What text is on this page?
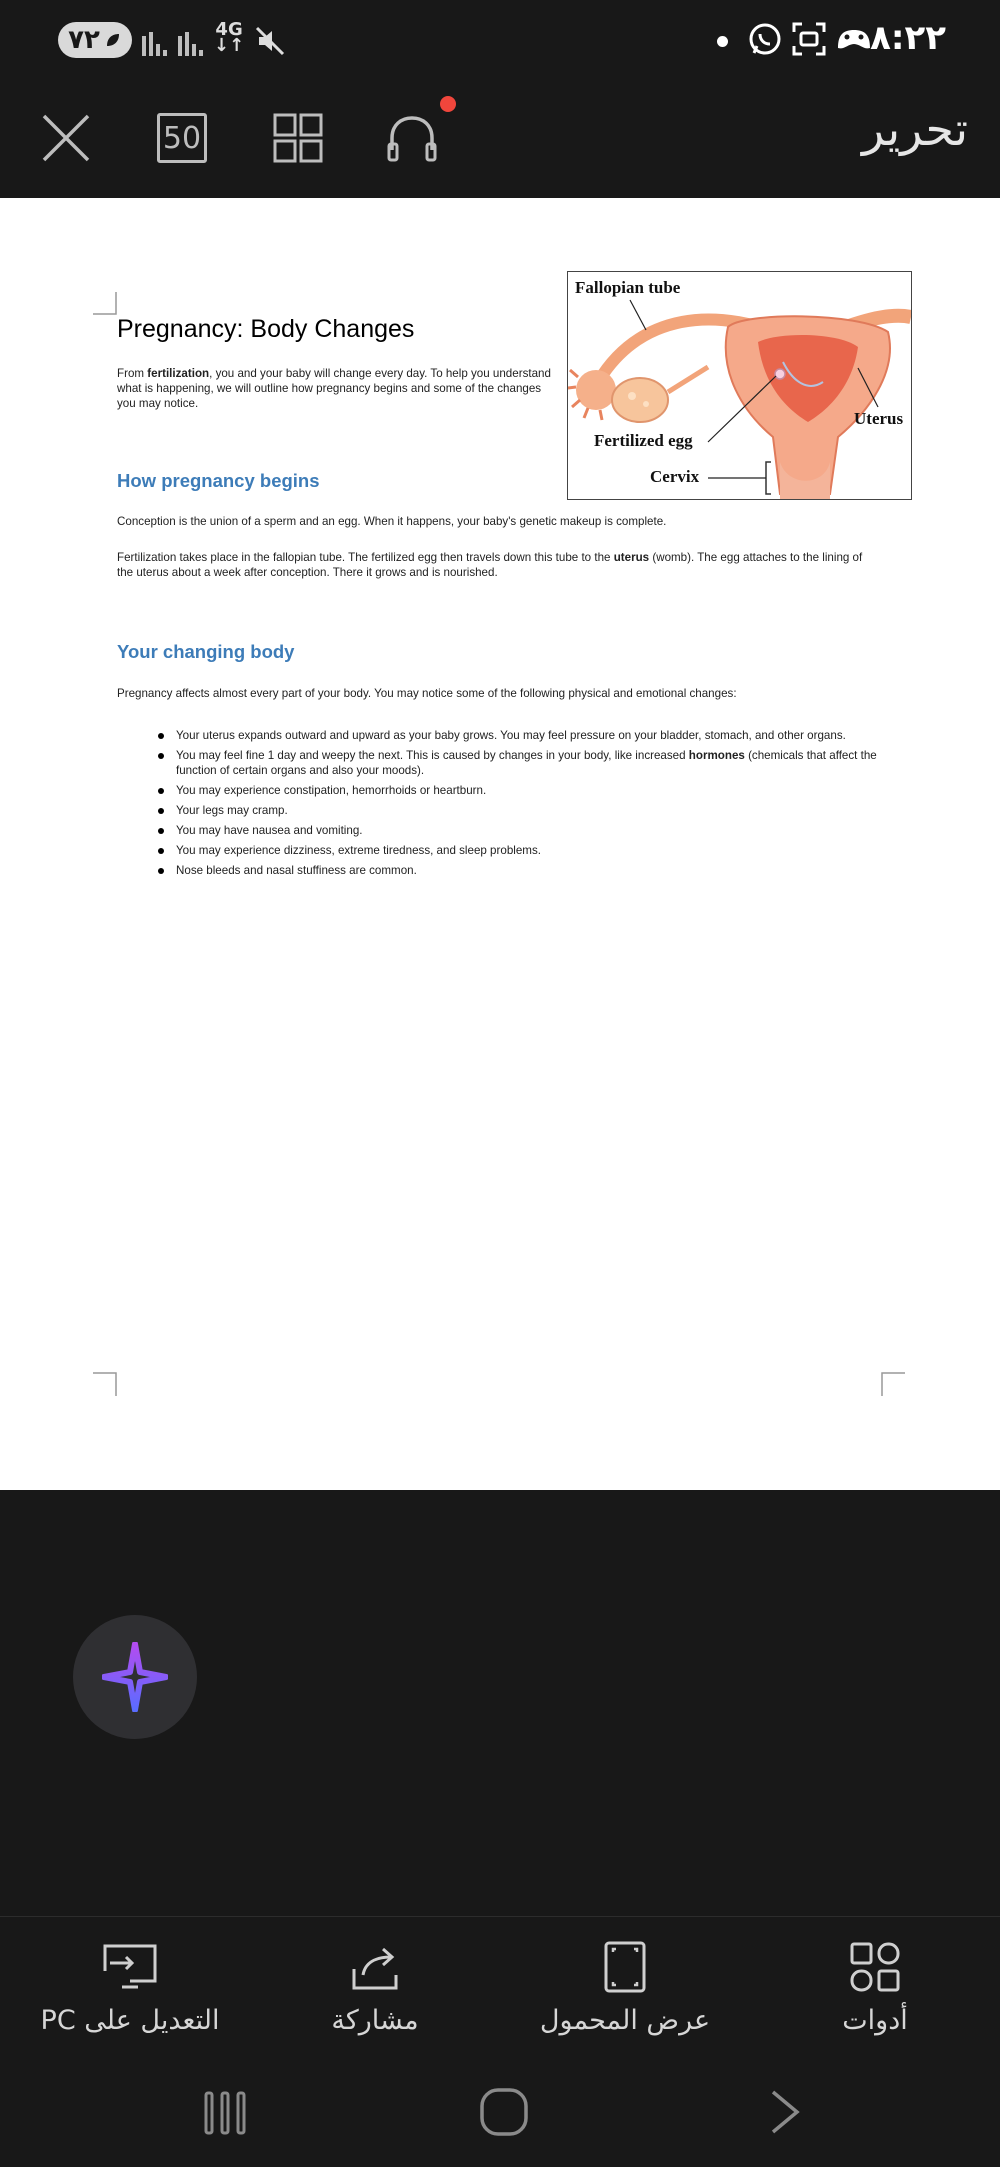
٧٢	4G
↓↑	٨:٢٢
50	تحرير
Pregnancy: Body Changes
From fertilization, you and your baby will change every day. To help you understand what is happening, we will outline how pregnancy begins and some of the changes you may notice.
Fallopian tube
Fertilized egg
Uterus
Cervix
How pregnancy begins
Conception is the union of a sperm and an egg. When it happens, your baby's genetic makeup is complete.
Fertilization takes place in the fallopian tube. The fertilized egg then travels down this tube to the uterus (womb). The egg attaches to the lining of the uterus about a week after conception. There it grows and is nourished.
Your changing body
Pregnancy affects almost every part of your body. You may notice some of the following physical and emotional changes:
Your uterus expands outward and upward as your baby grows. You may feel pressure on your bladder, stomach, and other organs.
You may feel fine 1 day and weepy the next. This is caused by changes in your body, like increased hormones (chemicals that affect the function of certain organs and also your moods).
You may experience constipation, hemorrhoids or heartburn.
Your legs may cramp.
You may have nausea and vomiting.
You may experience dizziness, extreme tiredness, and sleep problems.
Nose bleeds and nasal stuffiness are common.
أدوات
عرض المحمول
مشاركة
التعديل على PC
